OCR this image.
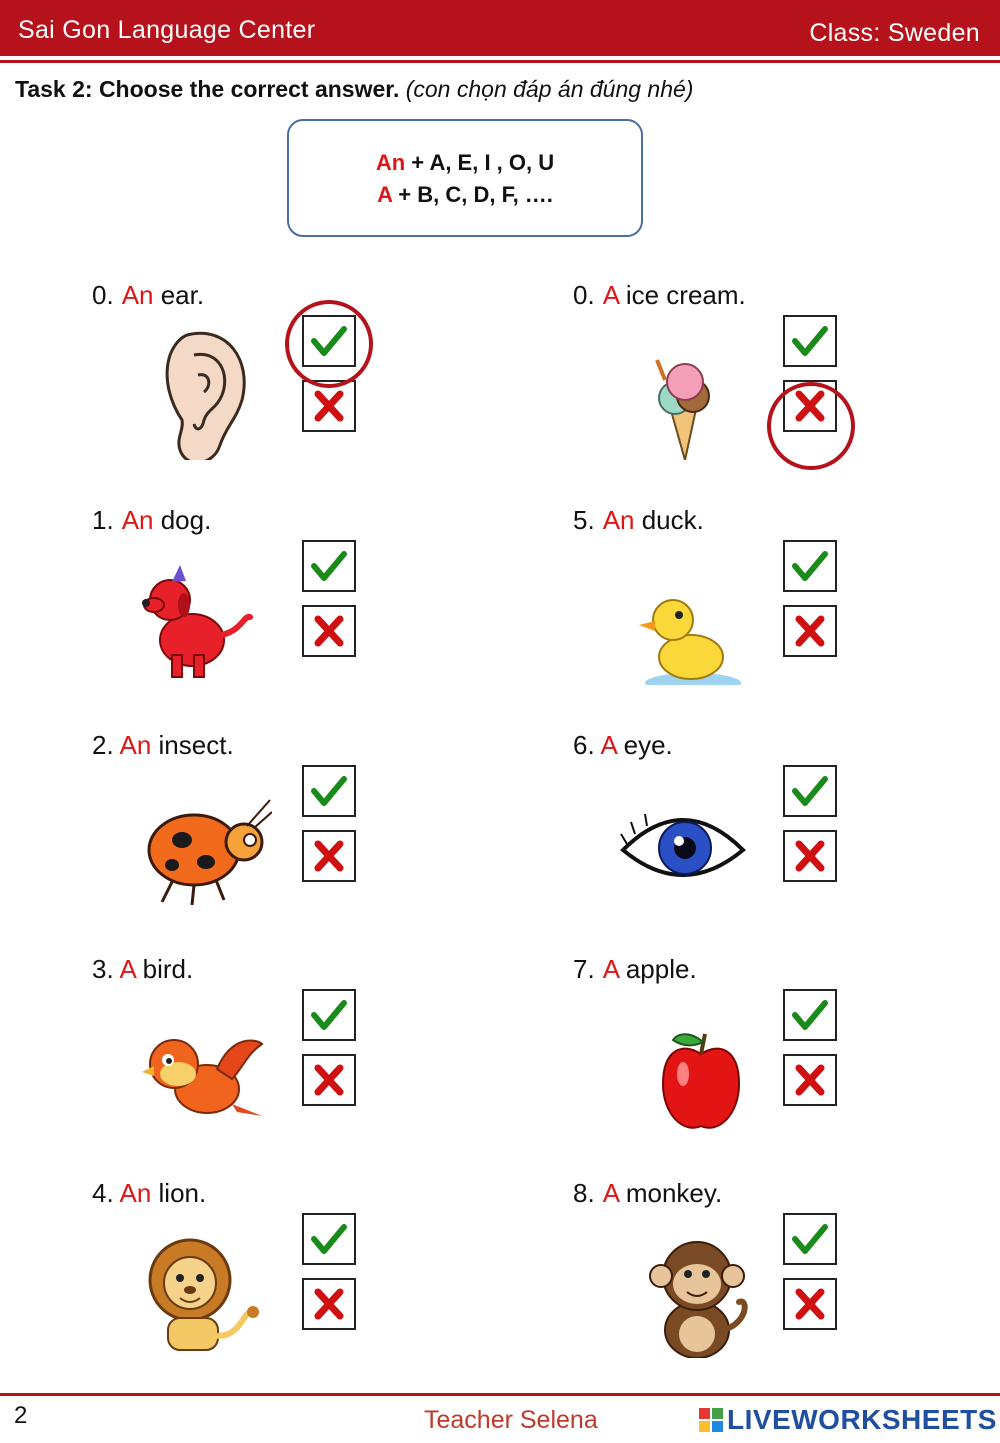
Sai Gon Language Center	Class: Sweden
Task 2: Choose the correct answer. (con chọn đáp án đúng nhé)
An + A, E, I , O, U
A + B, C, D, F, ….
0. An ear.
1. An dog.
2. An insect.
3. A bird.
4. An lion.
0. A ice cream.
5. An duck.
6. A eye.
7. A apple.
8. A monkey.
2	Teacher Selena	LIVEWORKSHEETS
